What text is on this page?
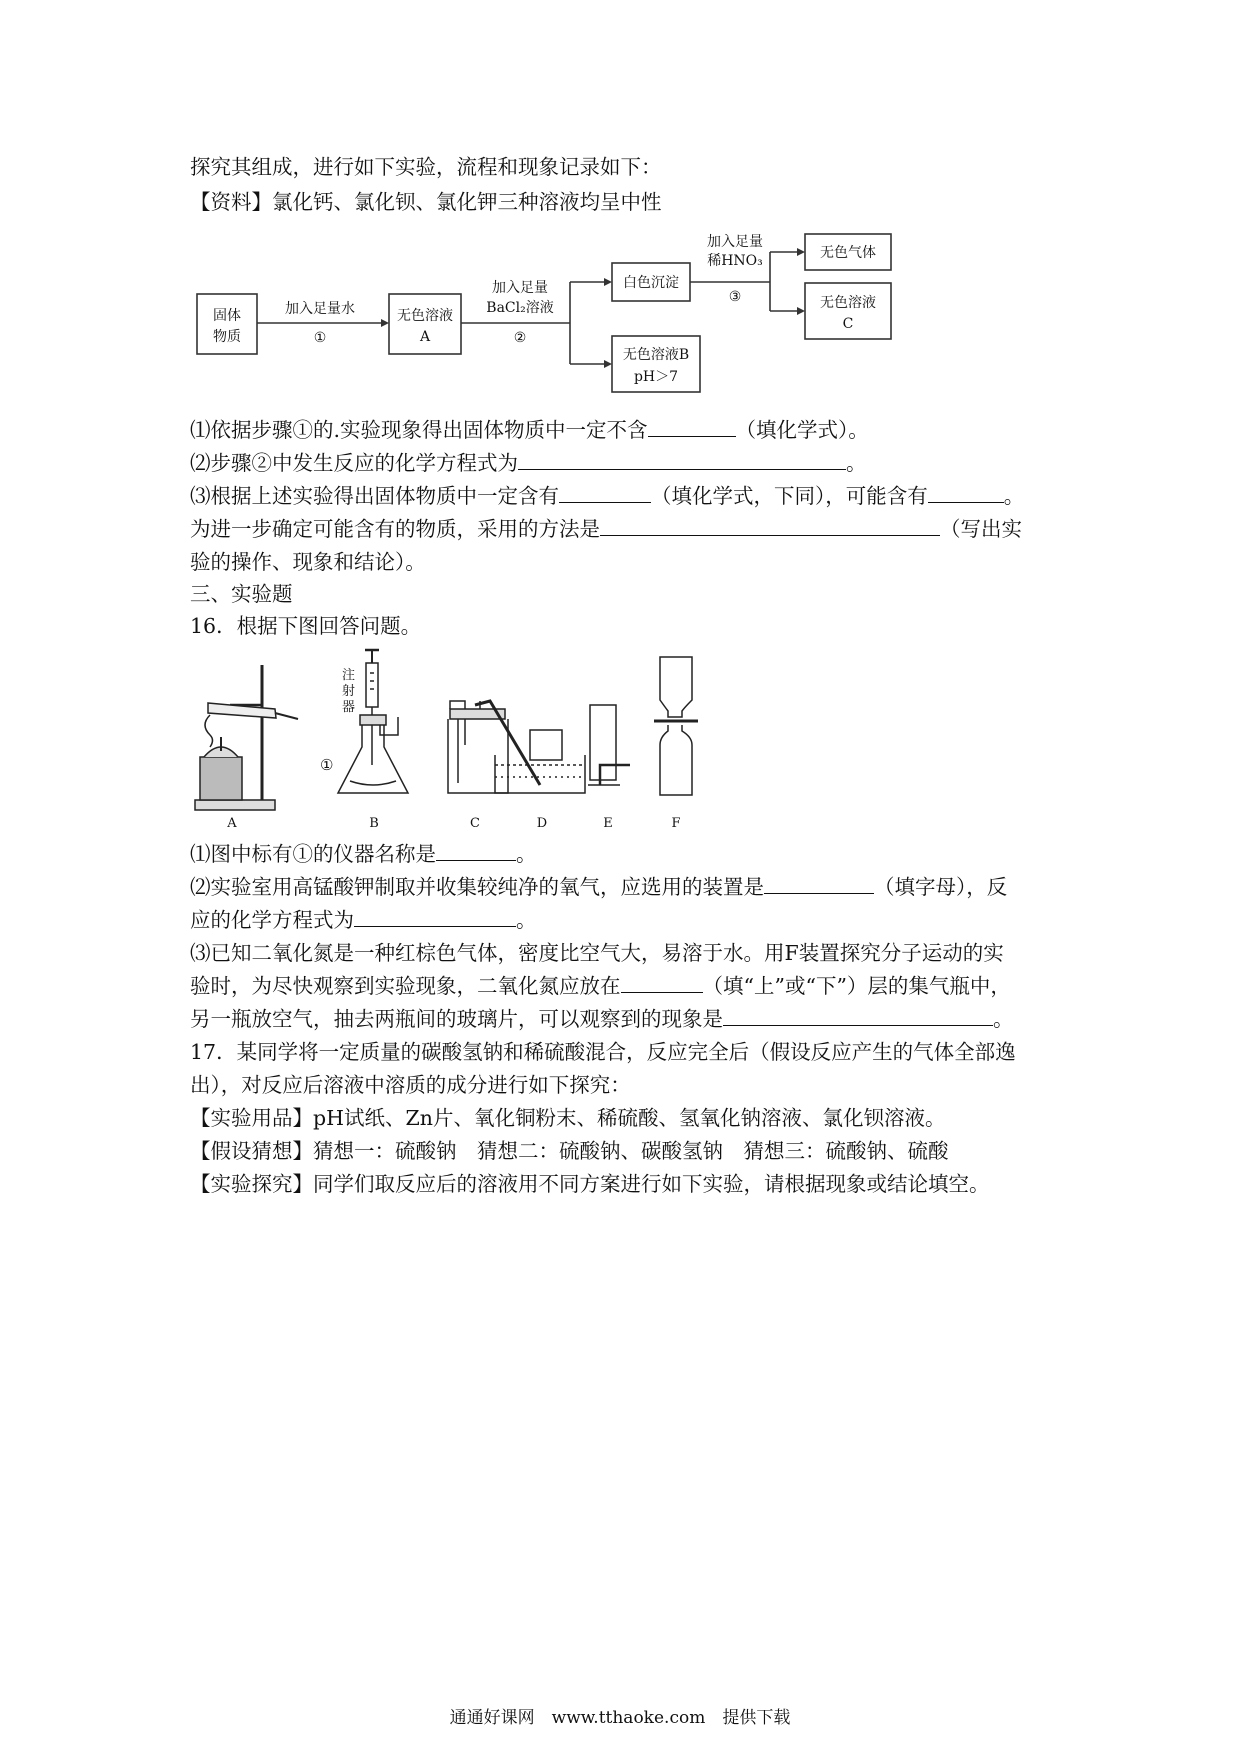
探究其组成，进行如下实验，流程和现象记录如下：
【资料】氯化钙、氯化钡、氯化钾三种溶液均呈中性
固体
物质
加入足量水
①
无色溶液
A
加入足量
BaCl₂溶液
②
白色沉淀
无色溶液B
pH＞7
加入足量
稀HNO₃
③
无色气体
无色溶液
C
⑴依据步骤①的.实验现象得出固体物质中一定不含	（填化学式）。
⑵步骤②中发生反应的化学方程式为	。
⑶根据上述实验得出固体物质中一定含有	（填化学式，下同），可能含有	。
为进一步确定可能含有的物质，采用的方法是	（写出实
验的操作、现象和结论）。
三、实验题
16．根据下图回答问题。
注
射
器
①
A	B	C	D	E	F
⑴图中标有①的仪器名称是	。
⑵实验室用高锰酸钾制取并收集较纯净的氧气，应选用的装置是	（填字母），反
应的化学方程式为	。
⑶已知二氧化氮是一种红棕色气体，密度比空气大，易溶于水。用F装置探究分子运动的实
验时，为尽快观察到实验现象，二氧化氮应放在	（填“上”或“下”）层的集气瓶中，
另一瓶放空气，抽去两瓶间的玻璃片，可以观察到的现象是	。
17．某同学将一定质量的碳酸氢钠和稀硫酸混合，反应完全后（假设反应产生的气体全部逸
出），对反应后溶液中溶质的成分进行如下探究：
【实验用品】pH试纸、Zn片、氧化铜粉末、稀硫酸、氢氧化钠溶液、氯化钡溶液。
【假设猜想】猜想一：硫酸钠　猜想二：硫酸钠、碳酸氢钠　猜想三：硫酸钠、硫酸
【实验探究】同学们取反应后的溶液用不同方案进行如下实验，请根据现象或结论填空。
通通好课网　www.tthaoke.com　提供下载
